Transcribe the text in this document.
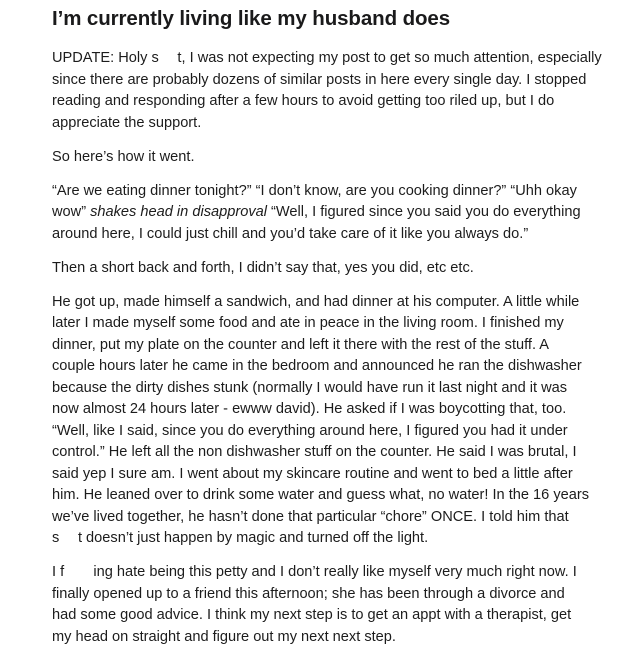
I’m currently living like my husband does

UPDATE: Holy s  t, I was not expecting my post to get so much attention, especially
since there are probably dozens of similar posts in here every single day. I stopped
reading and responding after a few hours to avoid getting too riled up, but I do
appreciate the support.

So here’s how it went.

“Are we eating dinner tonight?” “I don’t know, are you cooking dinner?” “Uhh okay
wow” shakes head in disapproval “Well, I figured since you said you do everything
around here, I could just chill and you’d take care of it like you always do.”

Then a short back and forth, I didn’t say that, yes you did, etc etc.

He got up, made himself a sandwich, and had dinner at his computer. A little while
later I made myself some food and ate in peace in the living room. I finished my
dinner, put my plate on the counter and left it there with the rest of the stuff. A
couple hours later he came in the bedroom and announced he ran the dishwasher
because the dirty dishes stunk (normally I would have run it last night and it was
now almost 24 hours later - ewww david). He asked if I was boycotting that, too.
“Well, like I said, since you do everything around here, I figured you had it under
control.” He left all the non dishwasher stuff on the counter. He said I was brutal, I
said yep I sure am. I went about my skincare routine and went to bed a little after
him. He leaned over to drink some water and guess what, no water! In the 16 years
we’ve lived together, he hasn’t done that particular “chore” ONCE. I told him that
s  t doesn’t just happen by magic and turned off the light.

I f  ing hate being this petty and I don’t really like myself very much right now. I
finally opened up to a friend this afternoon; she has been through a divorce and
had some good advice. I think my next step is to get an appt with a therapist, get
my head on straight and figure out my next next step.
